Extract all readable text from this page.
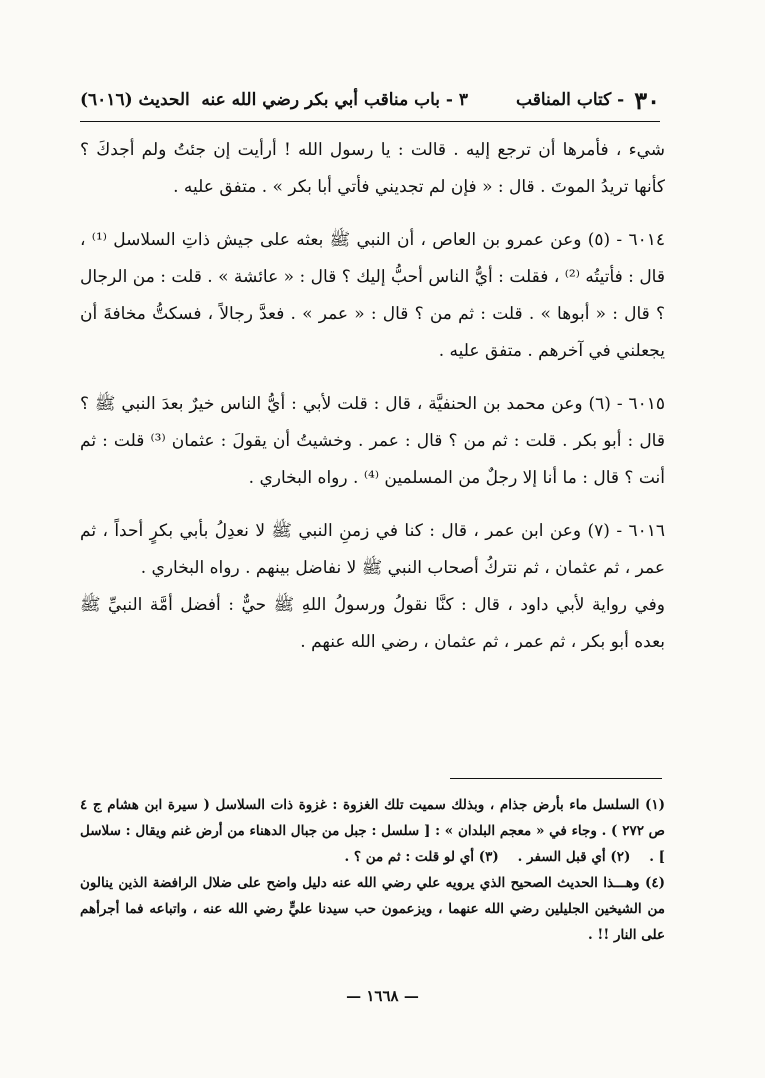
٣٠
- كتاب المناقب
٣ - باب مناقب أبي بكر رضي الله عنه
الحديث (٦٠١٦)

شيء ، فأمرها أن ترجع إليه . قالت : يا رسول الله ! أرأيت إن جئتُ ولم أجدكَ ؟ كأنها تريدُ الموتَ . قال : « فإن لم تجديني فأتي أبا بكر » . متفق عليه .

٦٠١٤ - (٥) وعن عمرو بن العاص ، أن النبي ﷺ بعثه على جيش ذاتِ السلاسل ⁽¹⁾ ، قال : فأتيتُه ⁽²⁾ ، فقلت : أيُّ الناس أحبُّ إليك ؟ قال : « عائشة » . قلت : من الرجال ؟ قال : « أبوها » . قلت : ثم من ؟ قال : « عمر » . فعدَّ رجالاً ، فسكتُّ مخافةَ أن يجعلني في آخرهم . متفق عليه .

٦٠١٥ - (٦) وعن محمد بن الحنفيَّة ، قال : قلت لأبي : أيُّ الناس خيرٌ بعدَ النبي ﷺ ؟ قال : أبو بكر . قلت : ثم من ؟ قال : عمر . وخشيتُ أن يقولَ : عثمان ⁽³⁾ قلت : ثم أنت ؟ قال : ما أنا إلا رجلٌ من المسلمين ⁽⁴⁾ . رواه البخاري .

٦٠١٦ - (٧) وعن ابن عمر ، قال : كنا في زمنِ النبي ﷺ لا نعدِلُ بأبي بكرٍ أحداً ، ثم عمر ، ثم عثمان ، ثم نتركُ أصحاب النبي ﷺ لا نفاضل بينهم . رواه البخاري .

وفي رواية لأبي داود ، قال : كنَّا نقولُ ورسولُ اللهِ ﷺ حيٌّ : أفضل أمَّة النبيِّ ﷺ بعده أبو بكر ، ثم عمر ، ثم عثمان ، رضي الله عنهم .

(١) السلسل ماء بأرض جذام ، وبذلك سميت تلك الغزوة : غزوة ذات السلاسل ( سيرة ابن هشام ج ٤ ص ٢٧٢ ) . وجاء في « معجم البلدان » : [ سلسل : جبل من جبال الدهناء من أرض غنم ويقال : سلاسل ] .    (٢) أي قبل السفر .    (٣) أي لو قلت : ثم من ؟ .

(٤) وهـــذا الحديث الصحيح الذي يرويه علي رضي الله عنه دليل واضح على ضلال الرافضة الذين ينالون من الشيخين الجليلين رضي الله عنهما ، ويزعمون حب سيدنا عليٍّ رضي الله عنه ، واتباعه فما أجرأهم على النار !! .

— ١٦٦٨ —
